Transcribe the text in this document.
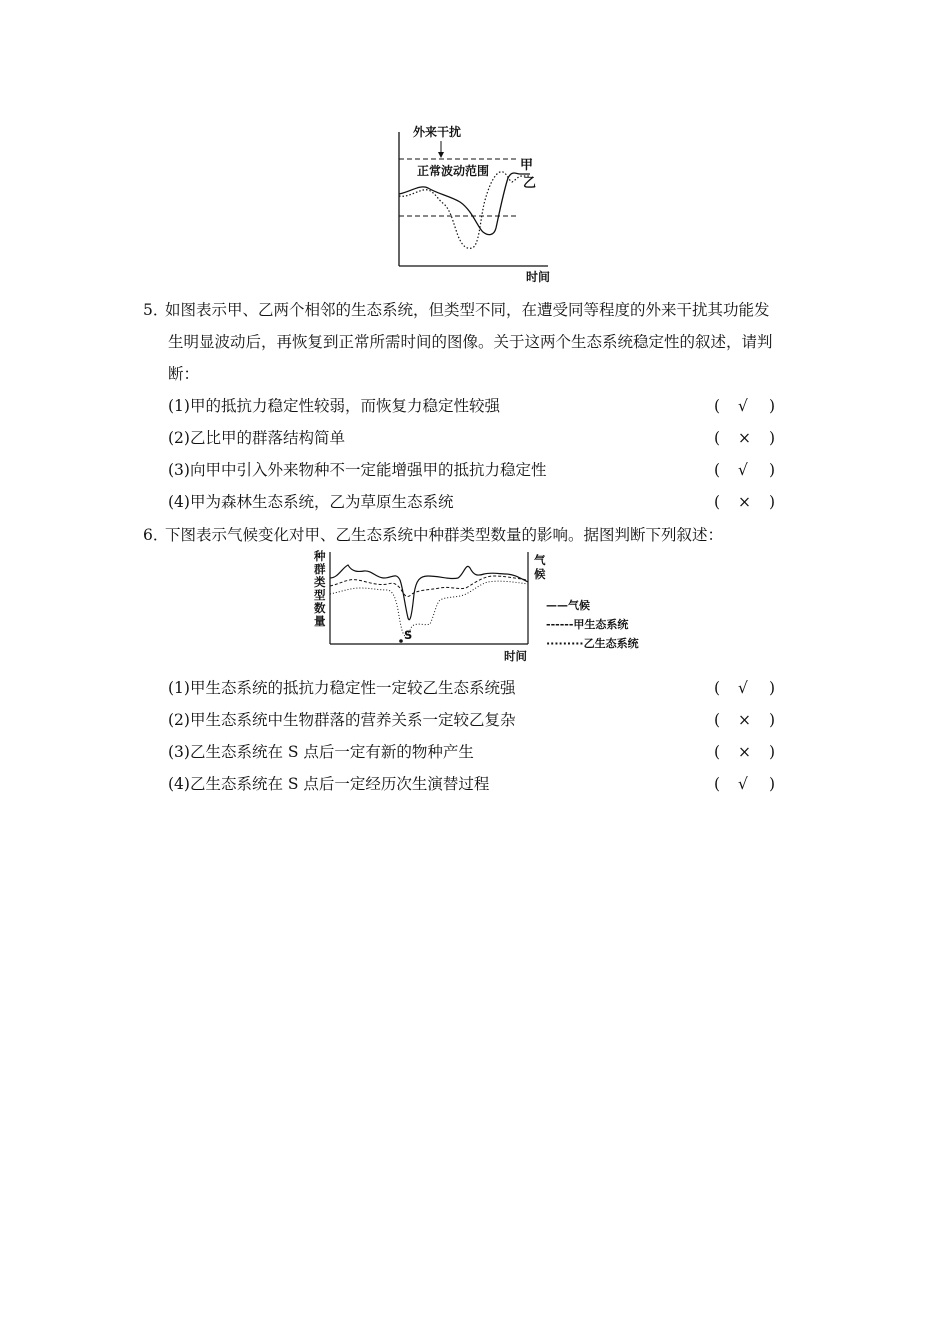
外来干扰
正常波动范围 甲
乙
时间
5．如图表示甲、乙两个相邻的生态系统，但类型不同，在遭受同等程度的外来干扰其功能发
生明显波动后，再恢复到正常所需时间的图像。关于这两个生态系统稳定性的叙述，请判
断：
(1)甲的抵抗力稳定性较弱，而恢复力稳定性较强	( √ )
(2)乙比甲的群落结构简单	( × )
(3)向甲中引入外来物种不一定能增强甲的抵抗力稳定性	( √ )
(4)甲为森林生态系统，乙为草原生态系统	( × )
6．下图表示气候变化对甲、乙生态系统中种群类型数量的影响。据图判断下列叙述：
种
群
类
型
数
量
气
候
S
时间
——气候
------甲生态系统
·········乙生态系统
(1)甲生态系统的抵抗力稳定性一定较乙生态系统强	( √ )
(2)甲生态系统中生物群落的营养关系一定较乙复杂	( × )
(3)乙生态系统在 S 点后一定有新的物种产生	( × )
(4)乙生态系统在 S 点后一定经历次生演替过程	( √ )
